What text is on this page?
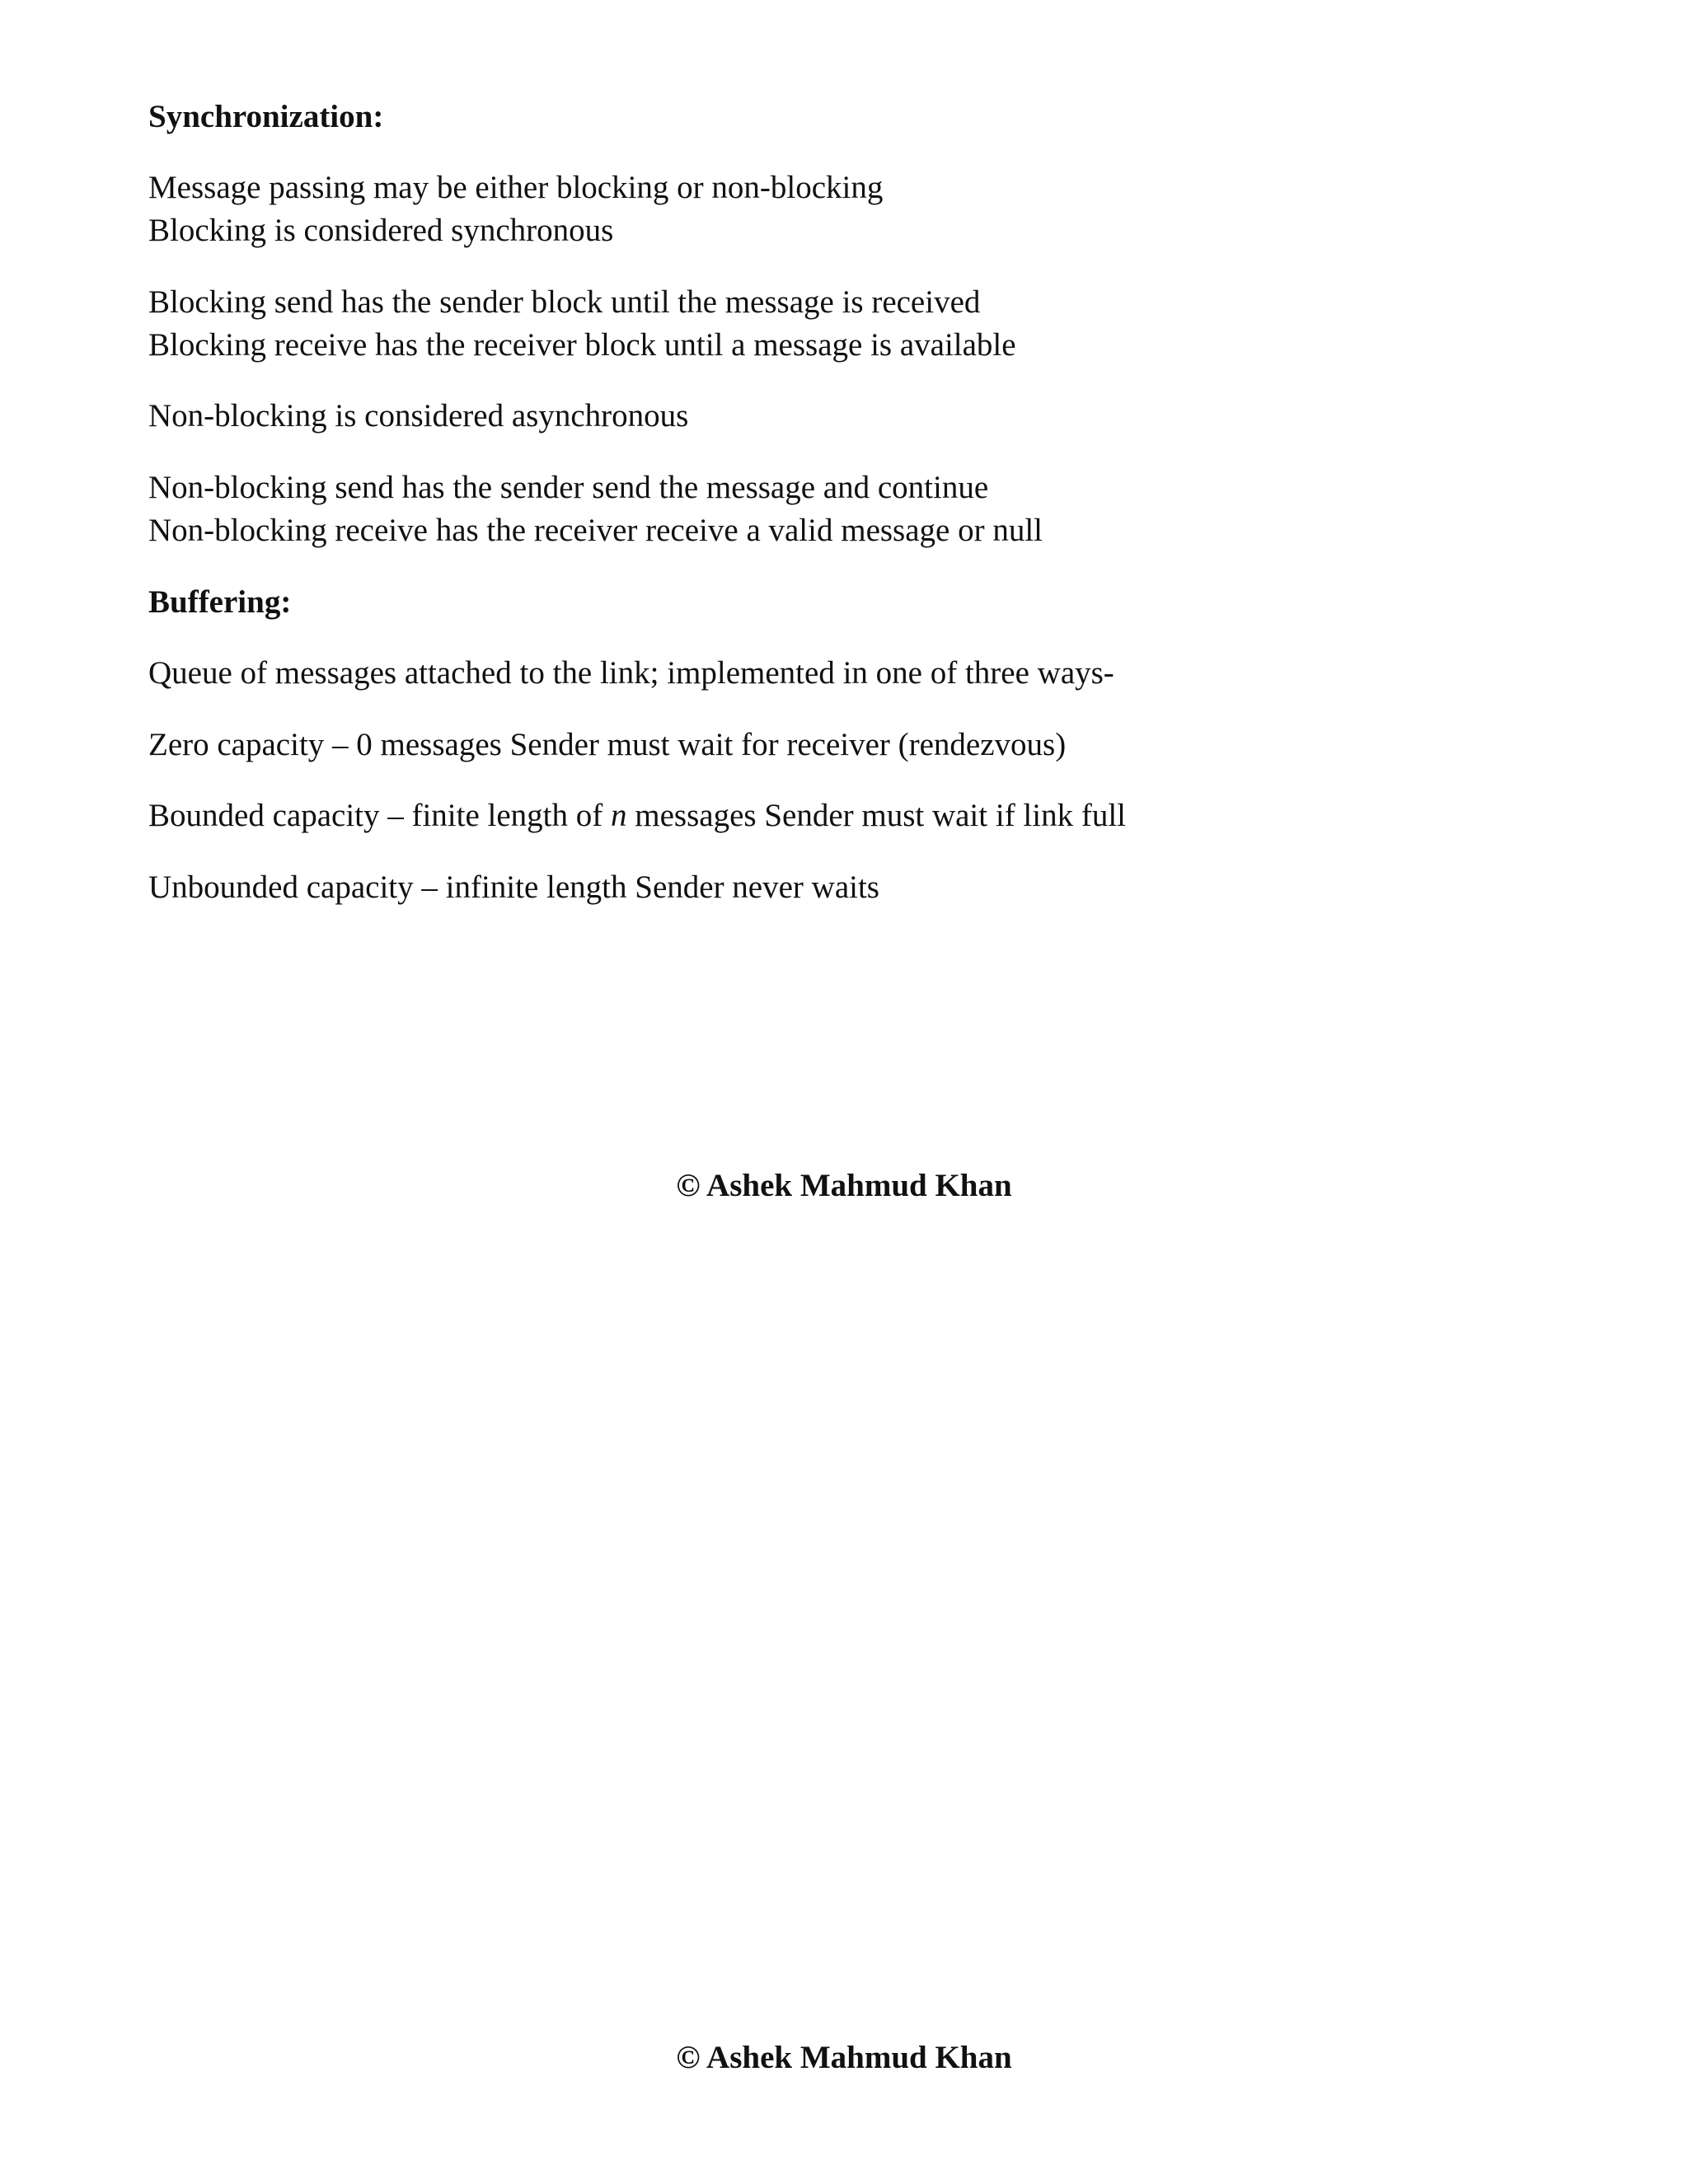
Synchronization:
Message passing may be either blocking or non-blocking
Blocking is considered synchronous
Blocking send has the sender block until the message is received
Blocking receive has the receiver block until a message is available
Non-blocking is considered asynchronous
Non-blocking send has the sender send the message and continue
Non-blocking receive has the receiver receive a valid message or null
Buffering:
Queue of messages attached to the link; implemented in one of three ways-
Zero capacity – 0 messages Sender must wait for receiver (rendezvous)
Bounded capacity – finite length of n messages Sender must wait if link full
Unbounded capacity – infinite length Sender never waits
© Ashek Mahmud Khan
© Ashek Mahmud Khan
